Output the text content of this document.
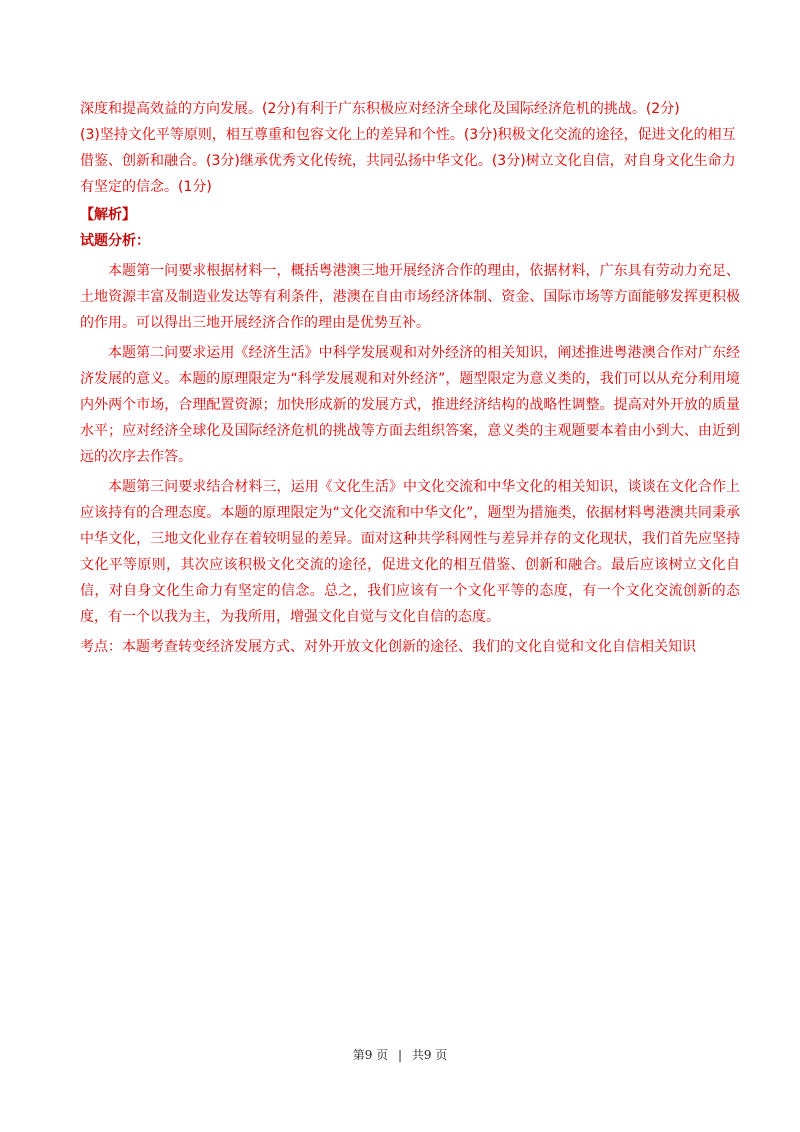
深度和提高效益的方向发展。(2分)有利于广东积极应对经济全球化及国际经济危机的挑战。(2分)

(3)坚持文化平等原则，相互尊重和包容文化上的差异和个性。(3分)积极文化交流的途径，促进文化的相互借鉴、创新和融合。(3分)继承优秀文化传统，共同弘扬中华文化。(3分)树立文化自信，对自身文化生命力有坚定的信念。(1分)

【解析】

试题分析：

本题第一问要求根据材料一，概括粤港澳三地开展经济合作的理由，依据材料，广东具有劳动力充足、土地资源丰富及制造业发达等有利条件，港澳在自由市场经济体制、资金、国际市场等方面能够发挥更积极的作用。可以得出三地开展经济合作的理由是优势互补。

本题第二问要求运用《经济生活》中科学发展观和对外经济的相关知识，阐述推进粤港澳合作对广东经济发展的意义。本题的原理限定为“科学发展观和对外经济”，题型限定为意义类的，我们可以从充分利用境内外两个市场，合理配置资源；加快形成新的发展方式，推进经济结构的战略性调整。提高对外开放的质量水平；应对经济全球化及国际经济危机的挑战等方面去组织答案，意义类的主观题要本着由小到大、由近到远的次序去作答。

本题第三问要求结合材料三，运用《文化生活》中文化交流和中华文化的相关知识，谈谈在文化合作上应该持有的合理态度。本题的原理限定为“文化交流和中华文化”，题型为措施类，依据材料粤港澳共同秉承中华文化，三地文化业存在着较明显的差异。面对这种共学科网性与差异并存的文化现状，我们首先应坚持文化平等原则，其次应该积极文化交流的途径，促进文化的相互借鉴、创新和融合。最后应该树立文化自信，对自身文化生命力有坚定的信念。总之，我们应该有一个文化平等的态度，有一个文化交流创新的态度，有一个以我为主，为我所用，增强文化自觉与文化自信的态度。

考点：本题考查转变经济发展方式、对外开放文化创新的途径、我们的文化自觉和文化自信相关知识

第9 页 | 共9 页
